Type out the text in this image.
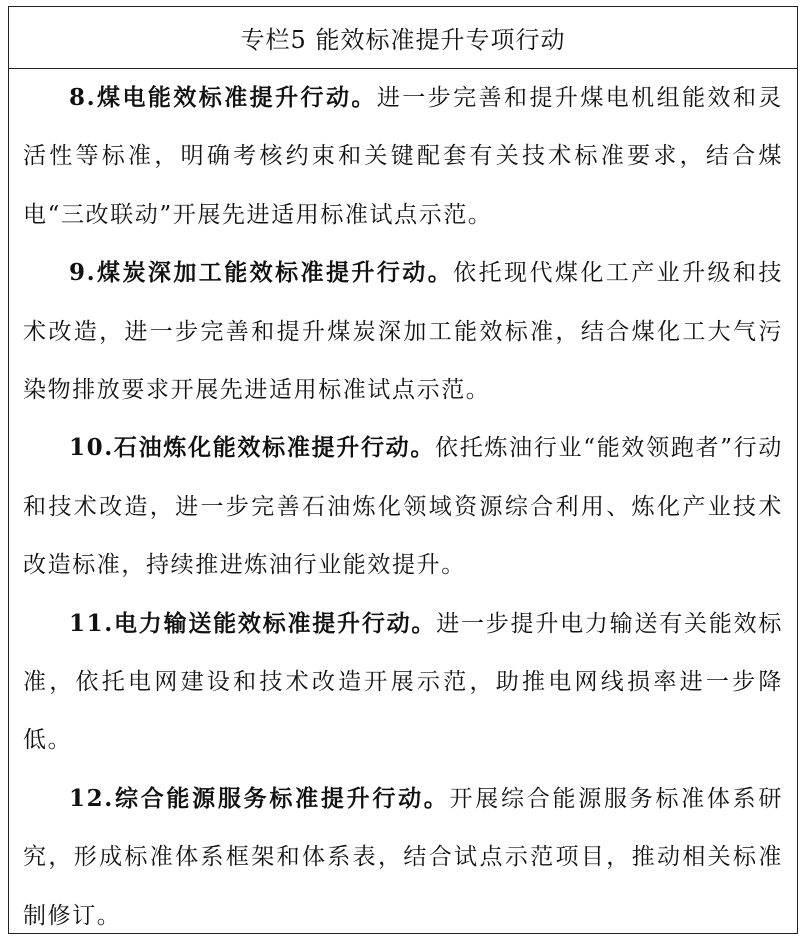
专栏5 能效标准提升专项行动

8.煤电能效标准提升行动。进一步完善和提升煤电机组能效和灵活性等标准，明确考核约束和关键配套有关技术标准要求，结合煤电“三改联动”开展先进适用标准试点示范。

9.煤炭深加工能效标准提升行动。依托现代煤化工产业升级和技术改造，进一步完善和提升煤炭深加工能效标准，结合煤化工大气污染物排放要求开展先进适用标准试点示范。

10.石油炼化能效标准提升行动。依托炼油行业“能效领跑者”行动和技术改造，进一步完善石油炼化领域资源综合利用、炼化产业技术改造标准，持续推进炼油行业能效提升。

11.电力输送能效标准提升行动。进一步提升电力输送有关能效标准，依托电网建设和技术改造开展示范，助推电网线损率进一步降低。

12.综合能源服务标准提升行动。开展综合能源服务标准体系研究，形成标准体系框架和体系表，结合试点示范项目，推动相关标准制修订。
